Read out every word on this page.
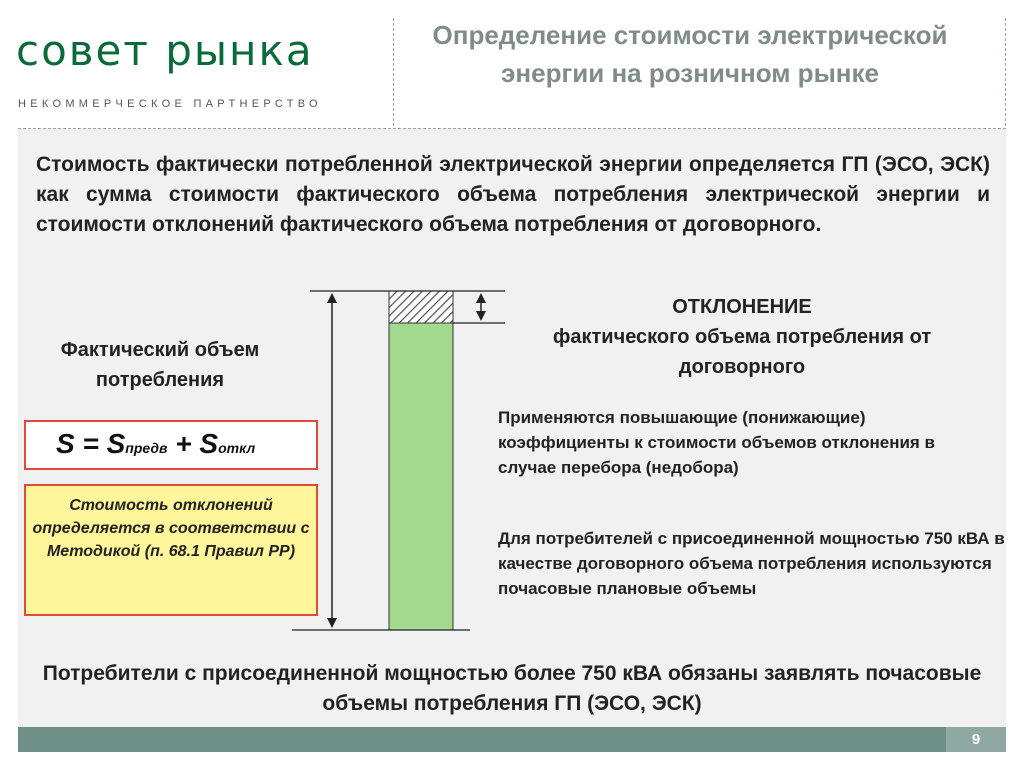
совет рынка
НЕКОММЕРЧЕСКОЕ ПАРТНЕРСТВО
Определение стоимости электрической энергии на розничном рынке
Стоимость фактически потребленной электрической энергии определяется ГП (ЭСО, ЭСК) как сумма стоимости фактического объема потребления электрической энергии и стоимости отклонений фактического объема потребления от договорного.
Фактический объем потребления
S = Sпредв + Sоткл
Стоимость отклонений определяется в соответствии с Методикой (п. 68.1 Правил РР)
ОТКЛОНЕНИЕ
фактического объема потребления от договорного
Применяются повышающие (понижающие) коэффициенты к стоимости объемов отклонения в случае перебора (недобора)
Для потребителей с присоединенной мощностью 750 кВА в качестве договорного объема потребления используются почасовые плановые объемы
Потребители с присоединенной мощностью более 750 кВА обязаны заявлять почасовые объемы потребления ГП (ЭСО, ЭСК)
9
